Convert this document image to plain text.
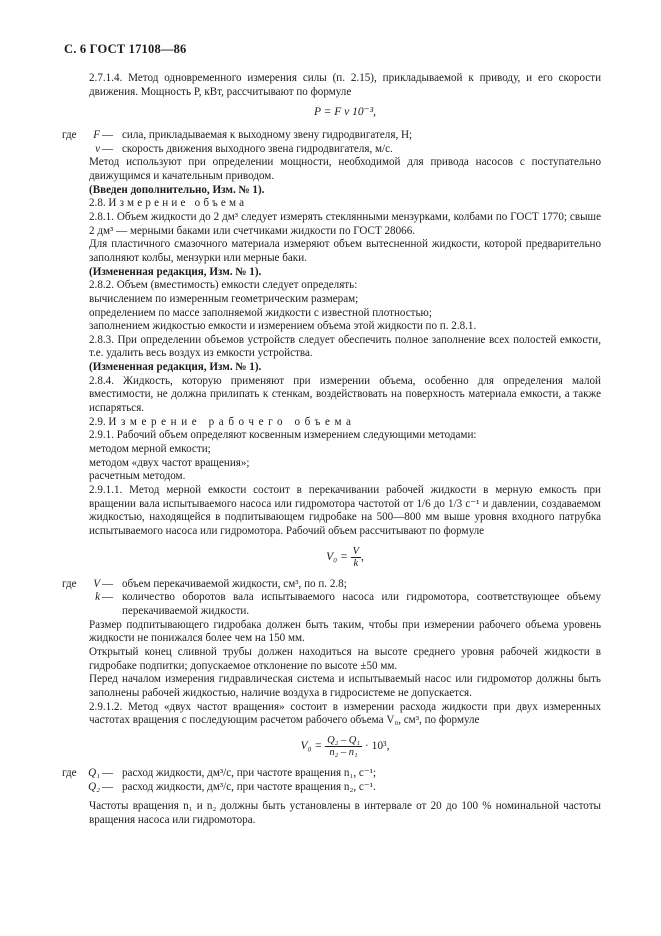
С. 6 ГОСТ 17108—86

2.7.1.4. Метод одновременного измерения силы (п. 2.15), прикладываемой к приводу, и его скорости движения. Мощность P, кВт, рассчитывают по формуле

P = F v 10⁻³,

где	F — сила, прикладываемая к выходному звену гидродвигателя, Н;
v — скорость движения выходного звена гидродвигателя, м/с.

Метод используют при определении мощности, необходимой для привода насосов с поступательно движущимся и качательным приводом.

(Введен дополнительно, Изм. № 1).

2.8. Измерение объема

2.8.1. Объем жидкости до 2 дм³ следует измерять стеклянными мензурками, колбами по ГОСТ 1770; свыше 2 дм³ — мерными баками или счетчиками жидкости по ГОСТ 28066.

Для пластичного смазочного материала измеряют объем вытесненной жидкости, которой предварительно заполняют колбы, мензурки или мерные баки.

(Измененная редакция, Изм. № 1).

2.8.2. Объем (вместимость) емкости следует определять:

вычислением по измеренным геометрическим размерам;

определением по массе заполняемой жидкости с известной плотностью;

заполнением жидкостью емкости и измерением объема этой жидкости по п. 2.8.1.

2.8.3. При определении объемов устройств следует обеспечить полное заполнение всех полостей емкости, т.е. удалить весь воздух из емкости устройства.

(Измененная редакция, Изм. № 1).

2.8.4. Жидкость, которую применяют при измерении объема, особенно для определения малой вместимости, не должна прилипать к стенкам, воздействовать на поверхность материала емкости, а также испаряться.

2.9. Измерение рабочего объема

2.9.1. Рабочий объем определяют косвенным измерением следующими методами:

методом мерной емкости;

методом «двух частот вращения»;

расчетным методом.

2.9.1.1. Метод мерной емкости состоит в перекачивании рабочей жидкости в мерную емкость при вращении вала испытываемого насоса или гидромотора частотой от 1/6 до 1/3 с⁻¹ и давлении, создаваемом жидкостью, находящейся в подпитывающем гидробаке на 500—800 мм выше уровня входного патрубка испытываемого насоса или гидромотора. Рабочий объем рассчитывают по формуле

$V_0 = \frac{V}{k}$ ,

где	V — объем перекачиваемой жидкости, см³, по п. 2.8;
k — количество оборотов вала испытываемого насоса или гидромотора, соответствующее объему перекачиваемой жидкости.

Размер подпитывающего гидробака должен быть таким, чтобы при измерении рабочего объема уровень жидкости не понижался более чем на 150 мм.

Открытый конец сливной трубы должен находиться на высоте среднего уровня рабочей жидкости в гидробаке подпитки; допускаемое отклонение по высоте ±50 мм.

Перед началом измерения гидравлическая система и испытываемый насос или гидромотор должны быть заполнены рабочей жидкостью, наличие воздуха в гидросистеме не допускается.

2.9.1.2. Метод «двух частот вращения» состоит в измерении расхода жидкости при двух измеренных частотах вращения с последующим расчетом рабочего объема V₀, см³, по формуле

$V_0 = \frac{\text{Q₂ – Q₁}}{\text{n₂ – n₁}} \cdot 10^3$,

где	Q₁ — расход жидкости, дм³/с, при частоте вращения n₁, с⁻¹;
Q₂ — расход жидкости, дм³/с, при частоте вращения n₂, с⁻¹.

Частоты вращения n₁ и n₂ должны быть установлены в интервале от 20 до 100 % номинальной частоты вращения насоса или гидромотора.
